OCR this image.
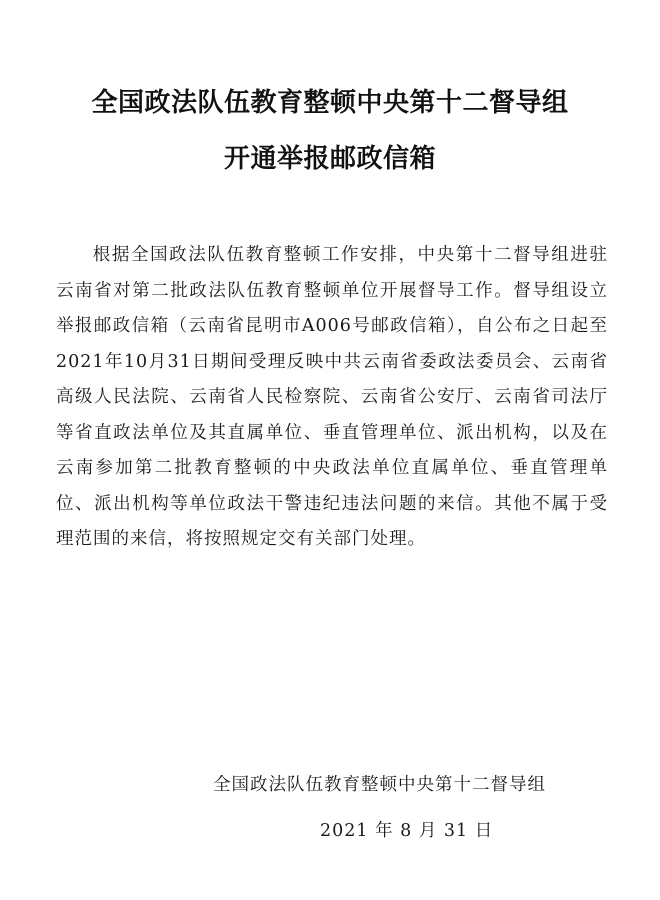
全国政法队伍教育整顿中央第十二督导组
开通举报邮政信箱

根据全国政法队伍教育整顿工作安排，中央第十二督导组进驻云南省对第二批政法队伍教育整顿单位开展督导工作。督导组设立举报邮政信箱（云南省昆明市A006号邮政信箱），自公布之日起至2021年10月31日期间受理反映中共云南省委政法委员会、云南省高级人民法院、云南省人民检察院、云南省公安厅、云南省司法厅等省直政法单位及其直属单位、垂直管理单位、派出机构，以及在云南参加第二批教育整顿的中央政法单位直属单位、垂直管理单位、派出机构等单位政法干警违纪违法问题的来信。其他不属于受理范围的来信，将按照规定交有关部门处理。

全国政法队伍教育整顿中央第十二督导组
2021 年 8 月 31 日
